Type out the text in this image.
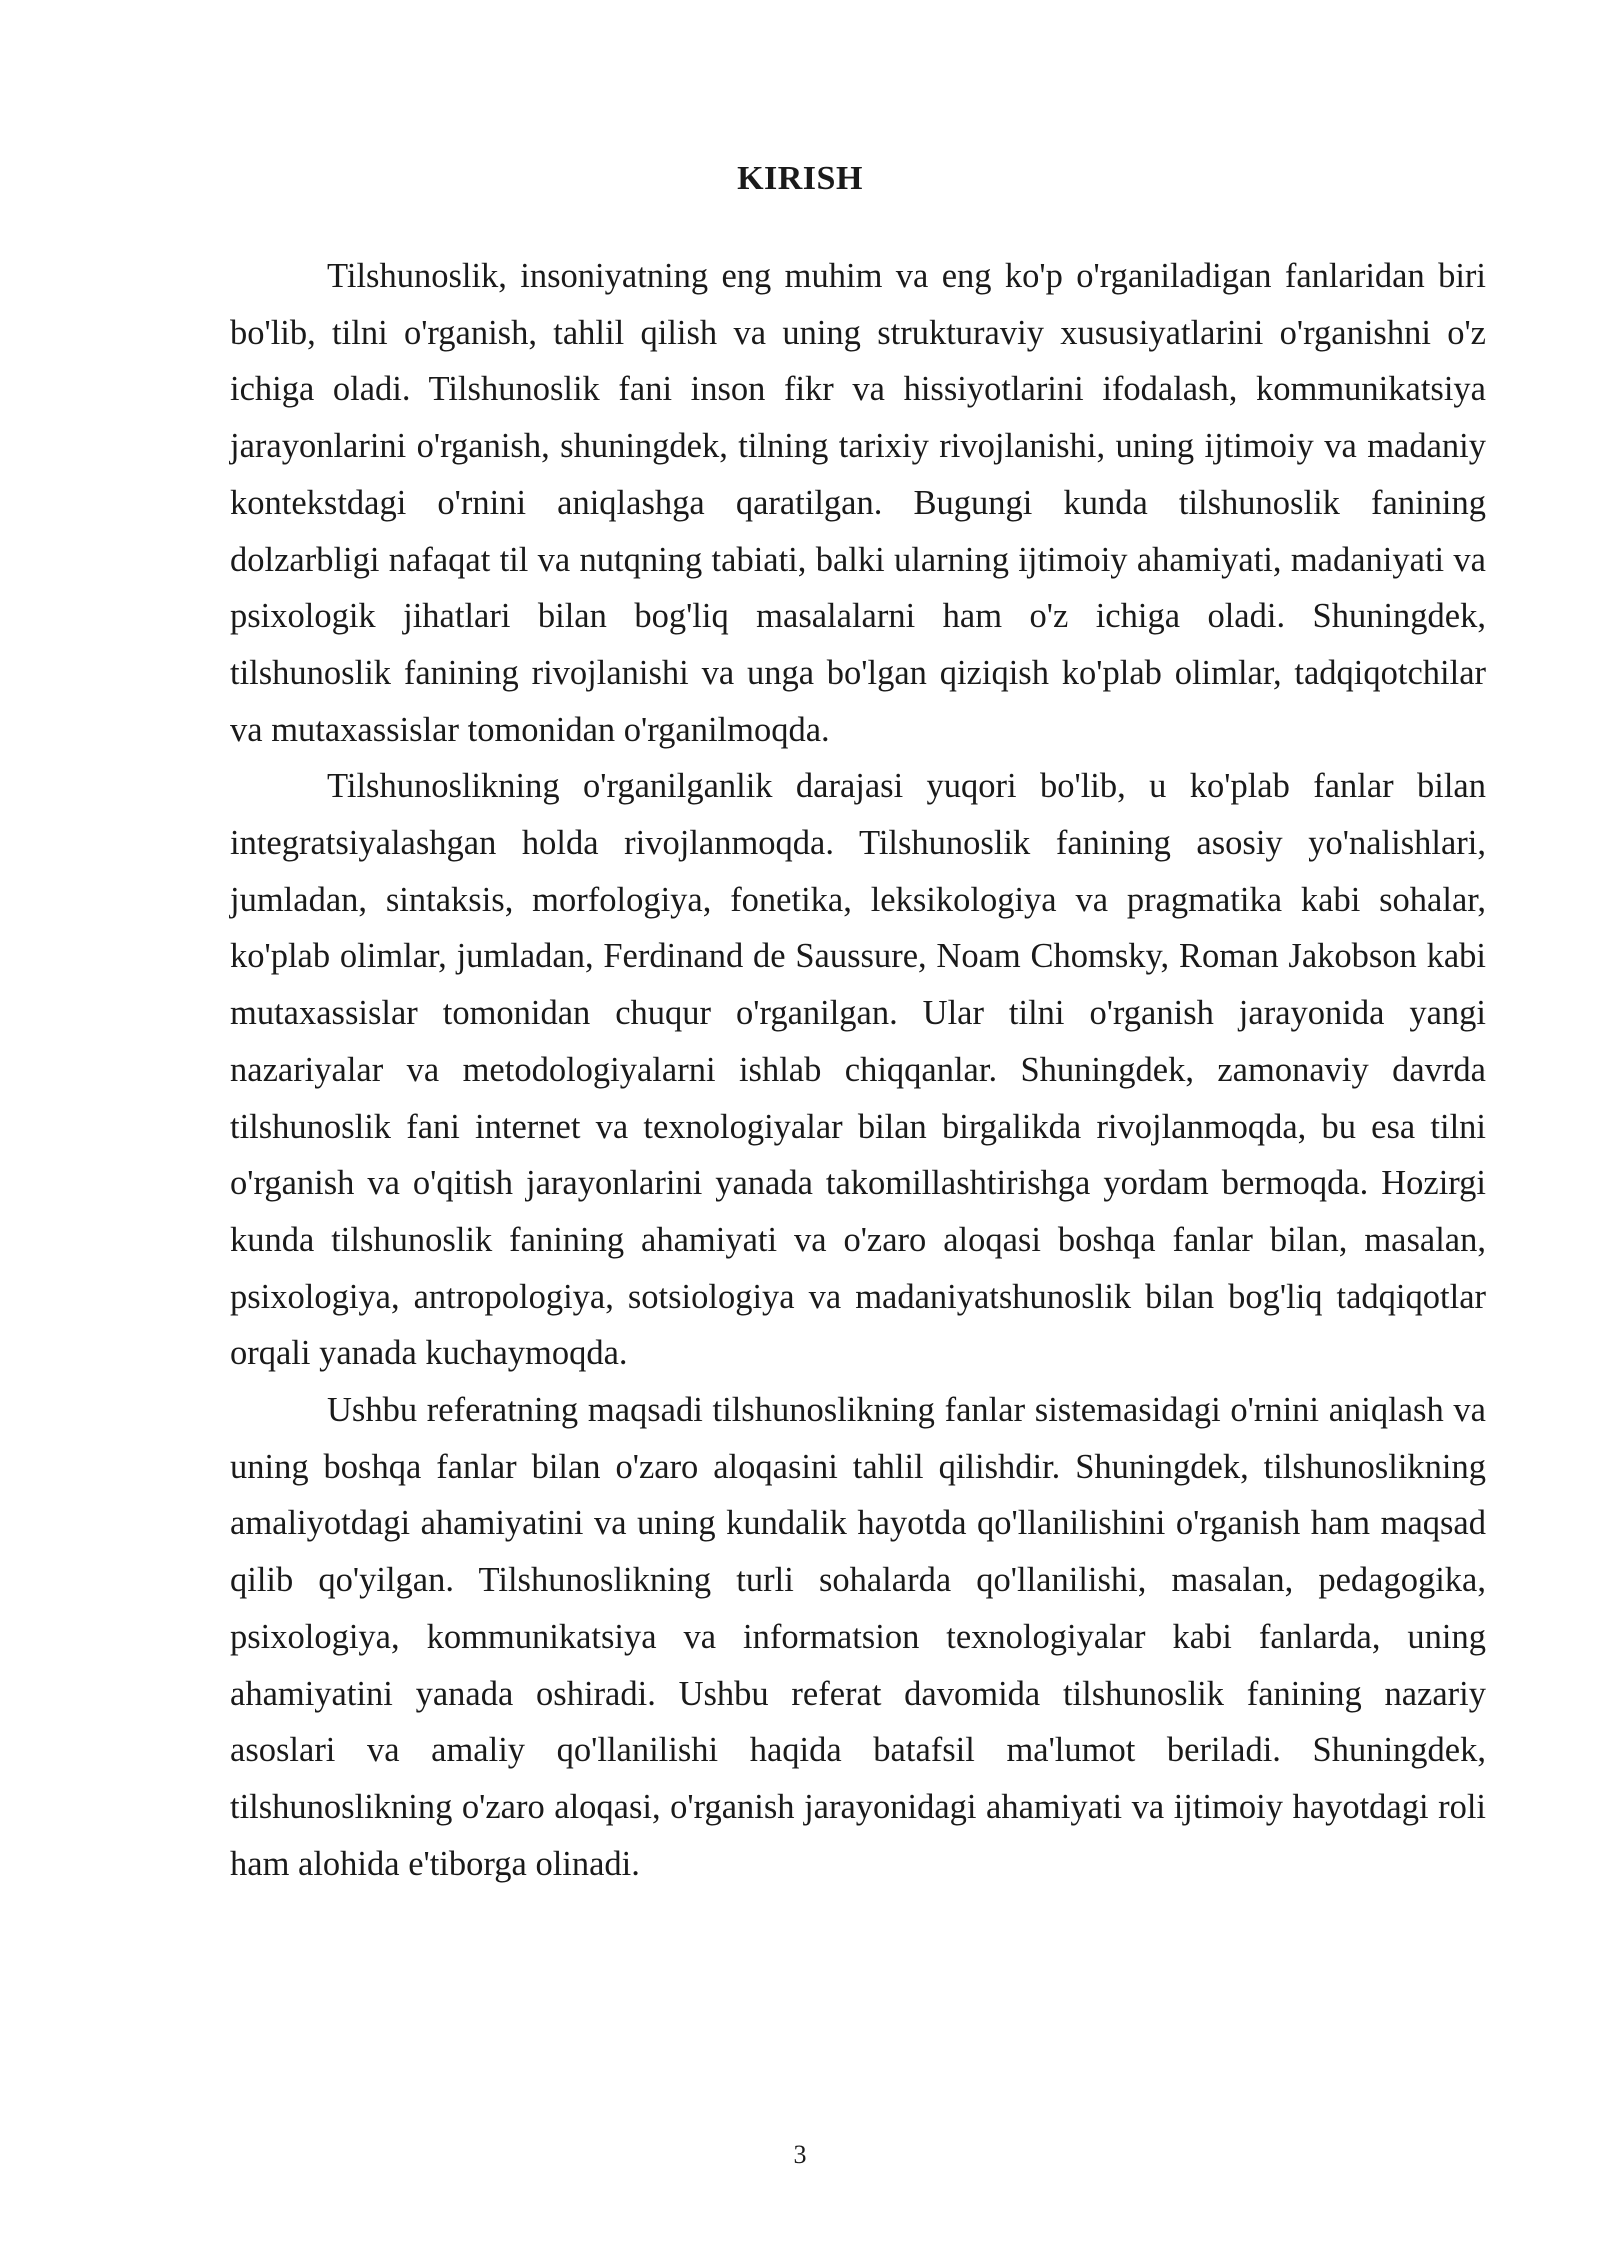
KIRISH

Tilshunoslik, insoniyatning eng muhim va eng ko'p o'rganiladigan fanlaridan biri bo'lib, tilni o'rganish, tahlil qilish va uning strukturaviy xususiyatlarini o'rganishni o'z ichiga oladi. Tilshunoslik fani inson fikr va hissiyotlarini ifodalash, kommunikatsiya jarayonlarini o'rganish, shuningdek, tilning tarixiy rivojlanishi, uning ijtimoiy va madaniy kontekstdagi o'rnini aniqlashga qaratilgan. Bugungi kunda tilshunoslik fanining dolzarbligi nafaqat til va nutqning tabiati, balki ularning ijtimoiy ahamiyati, madaniyati va psixologik jihatlari bilan bog'liq masalalarni ham o'z ichiga oladi. Shuningdek, tilshunoslik fanining rivojlanishi va unga bo'lgan qiziqish ko'plab olimlar, tadqiqotchilar va mutaxassislar tomonidan o'rganilmoqda.

Tilshunoslikning o'rganilganlik darajasi yuqori bo'lib, u ko'plab fanlar bilan integratsiyalashgan holda rivojlanmoqda. Tilshunoslik fanining asosiy yo'nalishlari, jumladan, sintaksis, morfologiya, fonetika, leksikologiya va pragmatika kabi sohalar, ko'plab olimlar, jumladan, Ferdinand de Saussure, Noam Chomsky, Roman Jakobson kabi mutaxassislar tomonidan chuqur o'rganilgan. Ular tilni o'rganish jarayonida yangi nazariyalar va metodologiyalarni ishlab chiqqanlar. Shuningdek, zamonaviy davrda tilshunoslik fani internet va texnologiyalar bilan birgalikda rivojlanmoqda, bu esa tilni o'rganish va o'qitish jarayonlarini yanada takomillashtirishga yordam bermoqda. Hozirgi kunda tilshunoslik fanining ahamiyati va o'zaro aloqasi boshqa fanlar bilan, masalan, psixologiya, antropologiya, sotsiologiya va madaniyatshunoslik bilan bog'liq tadqiqotlar orqali yanada kuchaymoqda.

Ushbu referatning maqsadi tilshunoslikning fanlar sistemasidagi o'rnini aniqlash va uning boshqa fanlar bilan o'zaro aloqasini tahlil qilishdir. Shuningdek, tilshunoslikning amaliyotdagi ahamiyatini va uning kundalik hayotda qo'llanilishini o'rganish ham maqsad qilib qo'yilgan. Tilshunoslikning turli sohalarda qo'llanilishi, masalan, pedagogika, psixologiya, kommunikatsiya va informatsion texnologiyalar kabi fanlarda, uning ahamiyatini yanada oshiradi. Ushbu referat davomida tilshunoslik fanining nazariy asoslari va amaliy qo'llanilishi haqida batafsil ma'lumot beriladi. Shuningdek, tilshunoslikning o'zaro aloqasi, o'rganish jarayonidagi ahamiyati va ijtimoiy hayotdagi roli ham alohida e'tiborga olinadi.

3
